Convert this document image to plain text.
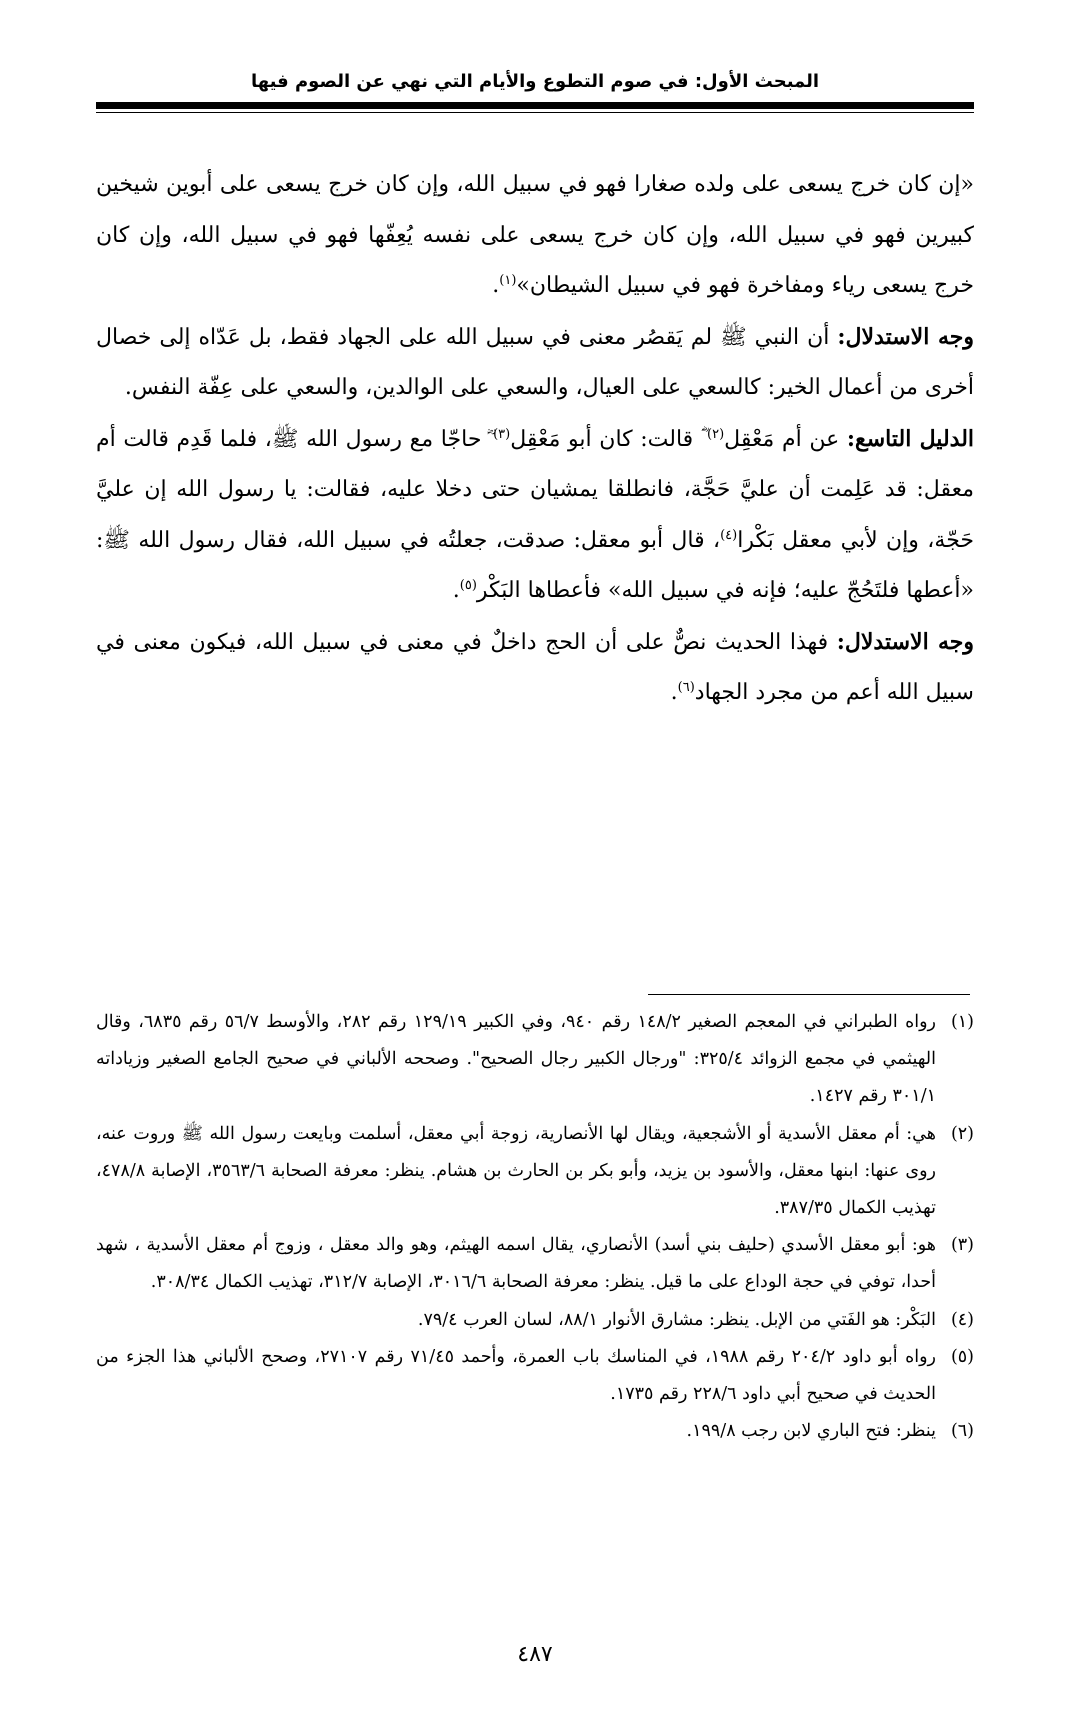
المبحث الأول: في صوم التطوع والأيام التي نهي عن الصوم فيها

«إن كان خرج يسعى على ولده صغارا فهو في سبيل الله، وإن كان خرج يسعى على أبوين شيخين كبيرين فهو في سبيل الله، وإن كان خرج يسعى على نفسه يُعِفّها فهو في سبيل الله، وإن كان خرج يسعى رياء ومفاخرة فهو في سبيل الشيطان»$^{(١)}$.

وجه الاستدلال: أن النبي ﷺ لم يَقصُر معنى في سبيل الله على الجهاد فقط، بل عَدّاه إلى خصال أخرى من أعمال الخير: كالسعي على العيال، والسعي على الوالدين، والسعي على عِفّة النفس.

الدليل التاسع: عن أم مَعْقِل$^{(٢)}$ ؓ قالت: كان أبو مَعْقِل$^{(٣)}$ ؓ حاجّا مع رسول الله ﷺ، فلما قَدِم قالت أم معقل: قد عَلِمت أن عليَّ حَجَّة، فانطلقا يمشيان حتى دخلا عليه، فقالت: يا رسول الله إن عليَّ حَجّة، وإن لأبي معقل بَكْرا$^{(٤)}$، قال أبو معقل: صدقت، جعلتُه في سبيل الله، فقال رسول الله ﷺ: «أعطها فلتَحُجّ عليه؛ فإنه في سبيل الله» فأعطاها البَكْر$^{(٥)}$.

وجه الاستدلال: فهذا الحديث نصٌّ على أن الحج داخلٌ في معنى في سبيل الله، فيكون معنى في سبيل الله أعم من مجرد الجهاد$^{(٦)}$.

(١)
رواه الطبراني في المعجم الصغير ١٤٨/٢ رقم ٩٤٠، وفي الكبير ١٢٩/١٩ رقم ٢٨٢، والأوسط ٥٦/٧ رقم ٦٨٣٥، وقال الهيثمي في مجمع الزوائد ٣٢٥/٤: "ورجال الكبير رجال الصحيح". وصححه الألباني في صحيح الجامع الصغير وزياداته ٣٠١/١ رقم ١٤٢٧.
(٢)
هي: أم معقل الأسدية أو الأشجعية، ويقال لها الأنصارية، زوجة أبي معقل، أسلمت وبايعت رسول الله ﷺ وروت عنه، روى عنها: ابنها معقل، والأسود بن يزيد، وأبو بكر بن الحارث بن هشام. ينظر: معرفة الصحابة ٣٥٦٣/٦، الإصابة ٤٧٨/٨، تهذيب الكمال ٣٨٧/٣٥.
(٣)
هو: أبو معقل الأسدي (حليف بني أسد) الأنصاري، يقال اسمه الهيثم، وهو والد معقل ، وزوج أم معقل الأسدية ، شهد أحدا، توفي في حجة الوداع على ما قيل. ينظر: معرفة الصحابة ٣٠١٦/٦، الإصابة ٣١٢/٧، تهذيب الكمال ٣٠٨/٣٤.
(٤)
البَكْر: هو الفَتي من الإبل. ينظر: مشارق الأنوار ٨٨/١، لسان العرب ٧٩/٤.
(٥)
رواه أبو داود ٢٠٤/٢ رقم ١٩٨٨، في المناسك باب العمرة، وأحمد ٧١/٤٥ رقم ٢٧١٠٧، وصحح الألباني هذا الجزء من الحديث في صحيح أبي داود ٢٢٨/٦ رقم ١٧٣٥.
(٦)
ينظر: فتح الباري لابن رجب ١٩٩/٨.
٤٨٧
